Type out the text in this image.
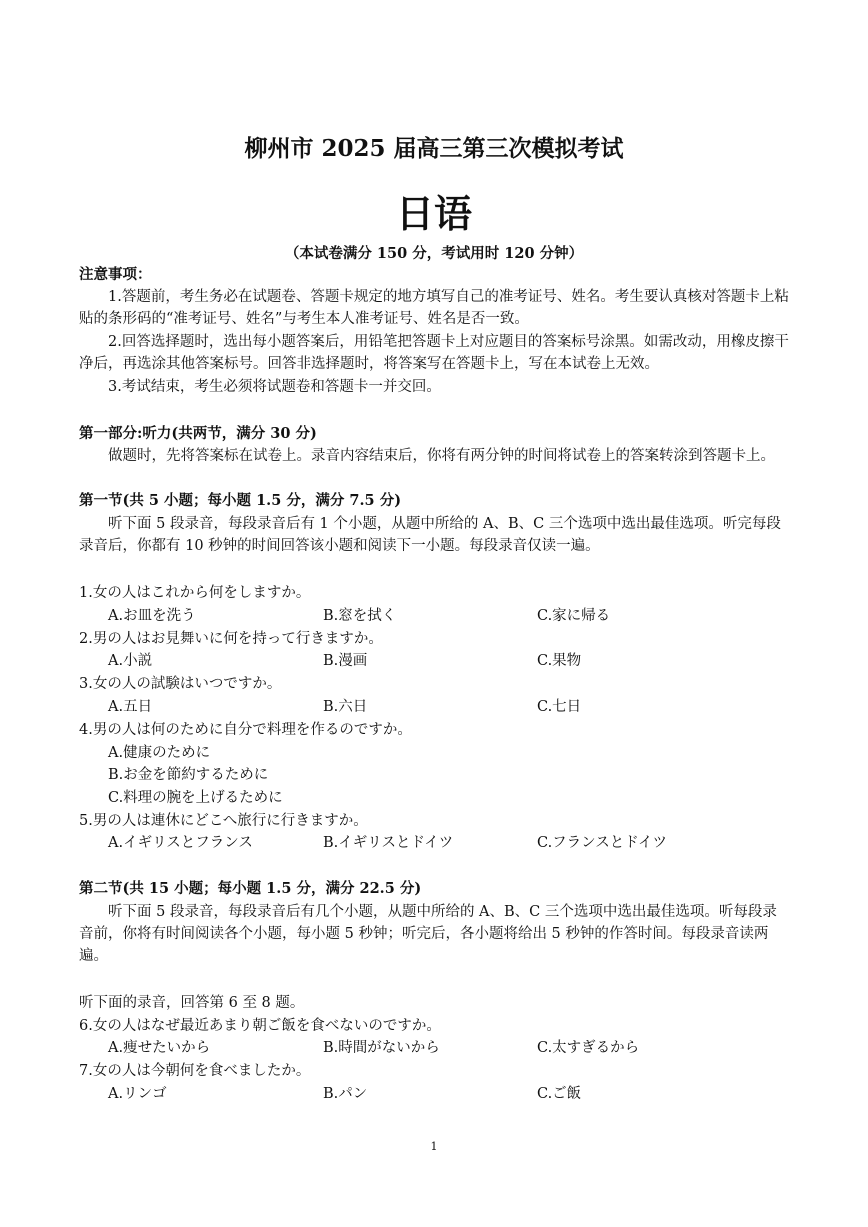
柳州市 2025 届高三第三次模拟考试
日语
（本试卷满分 150 分，考试用时 120 分钟）
注意事项：
1.答题前，考生务必在试题卷、答题卡规定的地方填写自己的准考证号、姓名。考生要认真核对答题卡上粘贴的条形码的“准考证号、姓名”与考生本人准考证号、姓名是否一致。
2.回答选择题时，选出每小题答案后，用铅笔把答题卡上对应题目的答案标号涂黑。如需改动，用橡皮擦干净后，再选涂其他答案标号。回答非选择题时，将答案写在答题卡上，写在本试卷上无效。
3.考试结束，考生必须将试题卷和答题卡一并交回。
第一部分:听力(共两节，满分 30 分)
做题时，先将答案标在试卷上。录音内容结束后，你将有两分钟的时间将试卷上的答案转涂到答题卡上。
第一节(共 5 小题；每小题 1.5 分，满分 7.5 分)
听下面 5 段录音，每段录音后有 1 个小题，从题中所给的 A、B、C 三个选项中选出最佳选项。听完每段录音后，你都有 10 秒钟的时间回答该小题和阅读下一小题。每段录音仅读一遍。
1.女の人はこれから何をしますか。
A.お皿を洗う	B.窓を拭く	C.家に帰る
2.男の人はお見舞いに何を持って行きますか。
A.小説	B.漫画	C.果物
3.女の人の試験はいつですか。
A.五日	B.六日	C.七日
4.男の人は何のために自分で料理を作るのですか。
A.健康のために
B.お金を節約するために
C.料理の腕を上げるために
5.男の人は連休にどこへ旅行に行きますか。
A.イギリスとフランス	B.イギリスとドイツ	C.フランスとドイツ
第二节(共 15 小题；每小题 1.5 分，满分 22.5 分)
听下面 5 段录音，每段录音后有几个小题，从题中所给的 A、B、C 三个选项中选出最佳选项。听每段录音前，你将有时间阅读各个小题，每小题 5 秒钟；听完后，各小题将给出 5 秒钟的作答时间。每段录音读两遍。
听下面的录音，回答第 6 至 8 题。
6.女の人はなぜ最近あまり朝ご飯を食べないのですか。
A.痩せたいから	B.時間がないから	C.太すぎるから
7.女の人は今朝何を食べましたか。
A.リンゴ	B.パン	C.ご飯
1
